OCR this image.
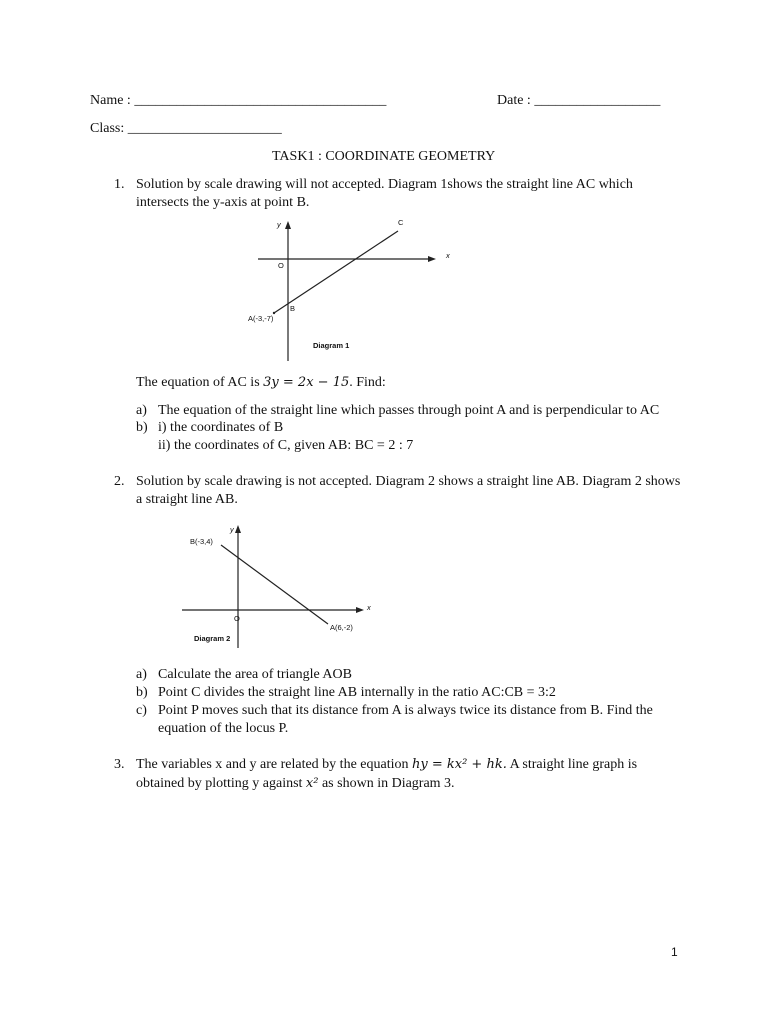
Name : ____________________________________	Date : __________________
Class: ______________________
TASK1 : COORDINATE GEOMETRY
1. Solution by scale drawing will not accepted. Diagram 1shows the straight line AC which
intersects the y-axis at point B.
y	C
x
O
B
A(-3,-7)
Diagram 1
The equation of AC is 3y = 2x − 15. Find:
a) The equation of the straight line which passes through point A and is perpendicular to AC
b) i) the coordinates of B
ii) the coordinates of C, given AB: BC = 2 : 7
2. Solution by scale drawing is not accepted. Diagram 2 shows a straight line AB. Diagram 2 shows
a straight line AB.
y
B(-3,4)
x
O
A(6,-2)
Diagram 2
a) Calculate the area of triangle AOB
b) Point C divides the straight line AB internally in the ratio AC:CB = 3:2
c) Point P moves such that its distance from A is always twice its distance from B. Find the
equation of the locus P.
3. The variables x and y are related by the equation hy = kx² + hk. A straight line graph is
obtained by plotting y against x² as shown in Diagram 3.
1
